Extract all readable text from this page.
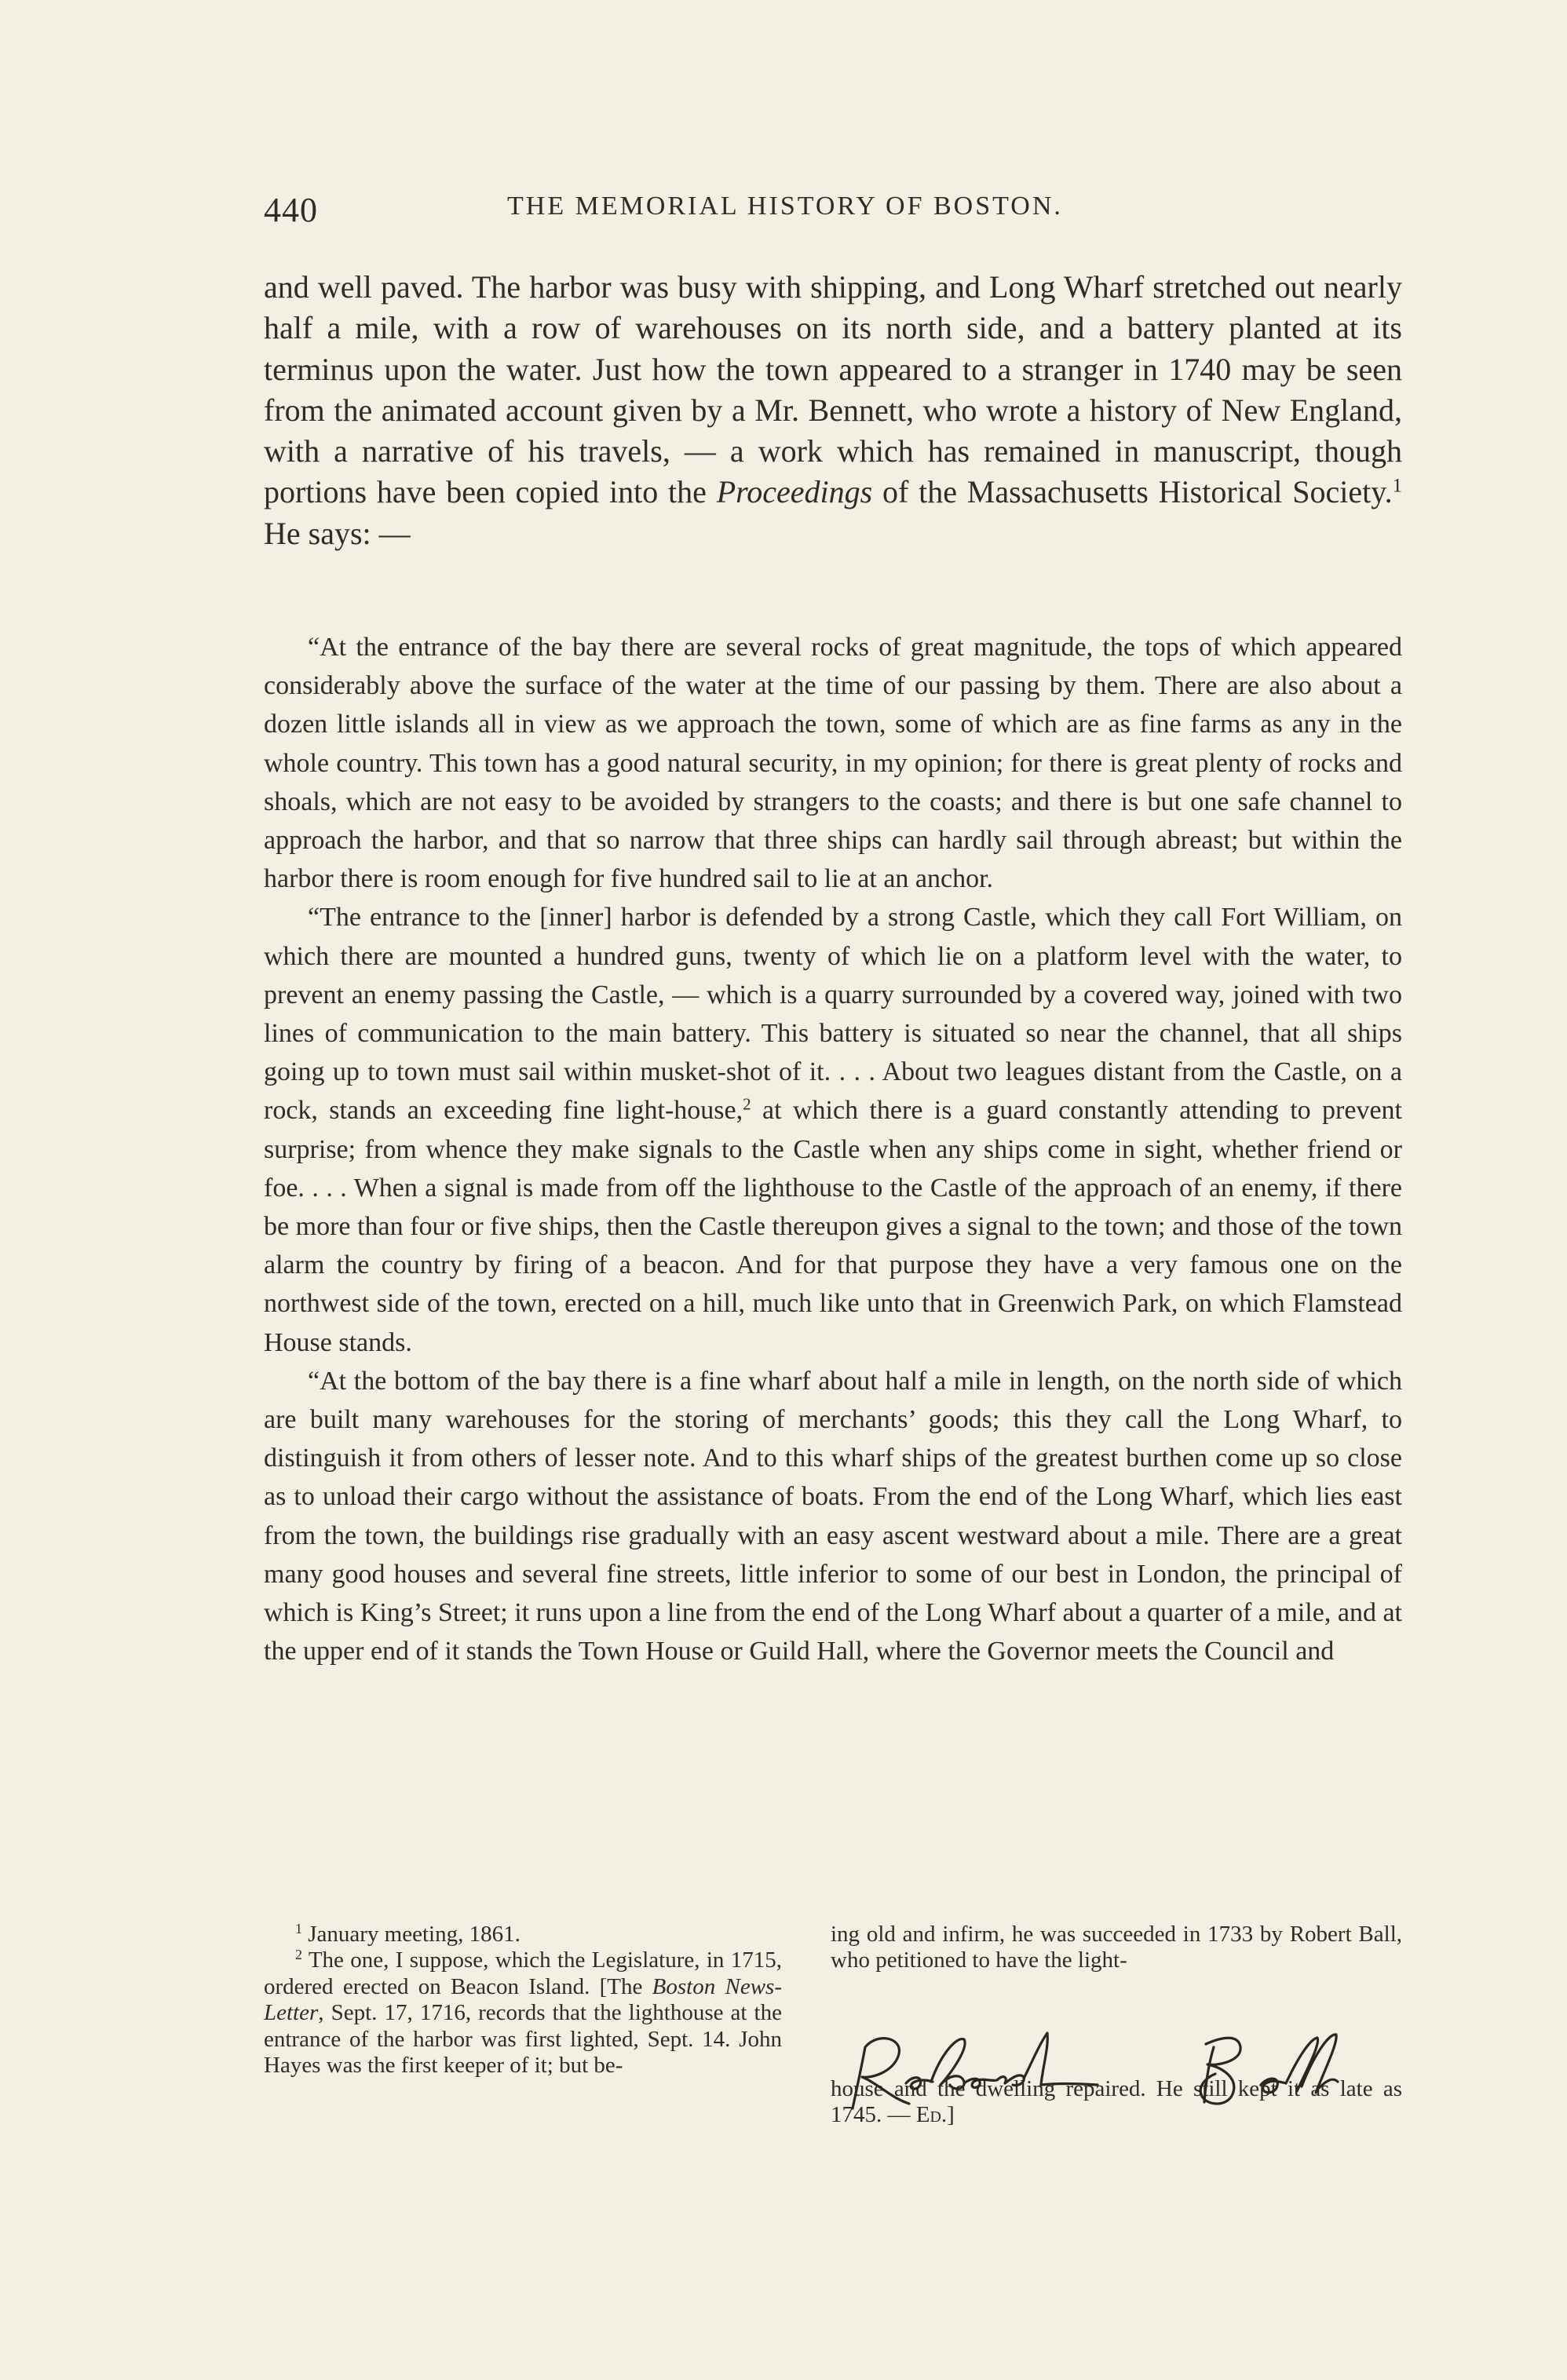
440	THE MEMORIAL HISTORY OF BOSTON.

and well paved. The harbor was busy with shipping, and Long Wharf stretched out nearly half a mile, with a row of warehouses on its north side, and a battery planted at its terminus upon the water. Just how the town appeared to a stranger in 1740 may be seen from the animated account given by a Mr. Bennett, who wrote a history of New England, with a narrative of his travels, — a work which has remained in manuscript, though portions have been copied into the Proceedings of the Massachusetts Historical Society.$^1$ He says: —

“At the entrance of the bay there are several rocks of great magnitude, the tops of which appeared considerably above the surface of the water at the time of our passing by them. There are also about a dozen little islands all in view as we approach the town, some of which are as fine farms as any in the whole country. This town has a good natural security, in my opinion; for there is great plenty of rocks and shoals, which are not easy to be avoided by strangers to the coasts; and there is but one safe channel to approach the harbor, and that so narrow that three ships can hardly sail through abreast; but within the harbor there is room enough for five hundred sail to lie at an anchor.

“The entrance to the [inner] harbor is defended by a strong Castle, which they call Fort William, on which there are mounted a hundred guns, twenty of which lie on a platform level with the water, to prevent an enemy passing the Castle, — which is a quarry surrounded by a covered way, joined with two lines of communication to the main battery. This battery is situated so near the channel, that all ships going up to town must sail within musket-shot of it. . . . About two leagues distant from the Castle, on a rock, stands an exceeding fine light-house,$^2$ at which there is a guard constantly attending to prevent surprise; from whence they make signals to the Castle when any ships come in sight, whether friend or foe. . . . When a signal is made from off the lighthouse to the Castle of the approach of an enemy, if there be more than four or five ships, then the Castle thereupon gives a signal to the town; and those of the town alarm the country by firing of a beacon. And for that purpose they have a very famous one on the northwest side of the town, erected on a hill, much like unto that in Greenwich Park, on which Flamstead House stands.

“At the bottom of the bay there is a fine wharf about half a mile in length, on the north side of which are built many warehouses for the storing of merchants’ goods; this they call the Long Wharf, to distinguish it from others of lesser note. And to this wharf ships of the greatest burthen come up so close as to unload their cargo without the assistance of boats. From the end of the Long Wharf, which lies east from the town, the buildings rise gradually with an easy ascent westward about a mile. There are a great many good houses and several fine streets, little inferior to some of our best in London, the principal of which is King’s Street; it runs upon a line from the end of the Long Wharf about a quarter of a mile, and at the upper end of it stands the Town House or Guild Hall, where the Governor meets the Council and

$^1$ January meeting, 1861.

$^2$ The one, I suppose, which the Legislature, in 1715, ordered erected on Beacon Island. [The Boston News-Letter, Sept. 17, 1716, records that the lighthouse at the entrance of the harbor was first lighted, Sept. 14. John Hayes was the first keeper of it; but be-

ing old and infirm, he was succeeded in 1733 by Robert Ball, who petitioned to have the light-

house and the dwelling repaired. He still kept it as late as 1745. — Ed.]
